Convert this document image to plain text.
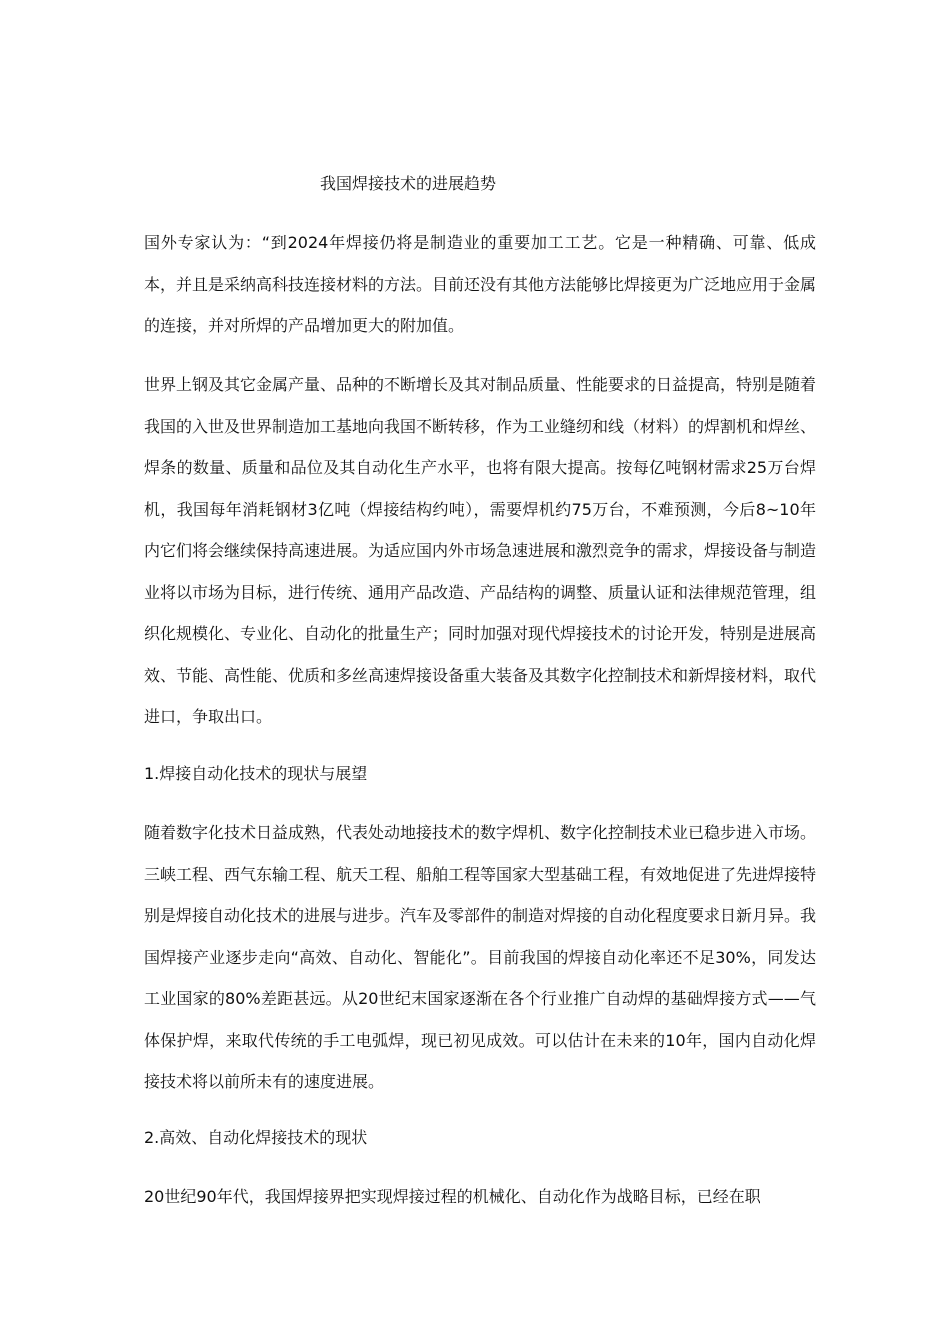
我国焊接技术的进展趋势

国外专家认为：“到2024年焊接仍将是制造业的重要加工工艺。它是一种精确、可靠、低成本，并且是采纳高科技连接材料的方法。目前还没有其他方法能够比焊接更为广泛地应用于金属的连接，并对所焊的产品增加更大的附加值。

世界上钢及其它金属产量、品种的不断增长及其对制品质量、性能要求的日益提高，特别是随着我国的入世及世界制造加工基地向我国不断转移，作为工业缝纫和线（材料）的焊割机和焊丝、焊条的数量、质量和品位及其自动化生产水平，也将有限大提高。按每亿吨钢材需求25万台焊机，我国每年消耗钢材3亿吨（焊接结构约吨），需要焊机约75万台，不难预测，今后8~10年内它们将会继续保持高速进展。为适应国内外市场急速进展和激烈竞争的需求，焊接设备与制造业将以市场为目标，进行传统、通用产品改造、产品结构的调整、质量认证和法律规范管理，组织化规模化、专业化、自动化的批量生产；同时加强对现代焊接技术的讨论开发，特别是进展高效、节能、高性能、优质和多丝高速焊接设备重大装备及其数字化控制技术和新焊接材料，取代进口，争取出口。

1.焊接自动化技术的现状与展望

随着数字化技术日益成熟，代表处动地接技术的数字焊机、数字化控制技术业已稳步进入市场。三峡工程、西气东输工程、航天工程、船舶工程等国家大型基础工程，有效地促进了先进焊接特别是焊接自动化技术的进展与进步。汽车及零部件的制造对焊接的自动化程度要求日新月异。我国焊接产业逐步走向“高效、自动化、智能化”。目前我国的焊接自动化率还不足30%，同发达工业国家的80%差距甚远。从20世纪末国家逐渐在各个行业推广自动焊的基础焊接方式——气体保护焊，来取代传统的手工电弧焊，现已初见成效。可以估计在未来的10年，国内自动化焊接技术将以前所未有的速度进展。

2.高效、自动化焊接技术的现状

20世纪90年代，我国焊接界把实现焊接过程的机械化、自动化作为战略目标，已经在职
